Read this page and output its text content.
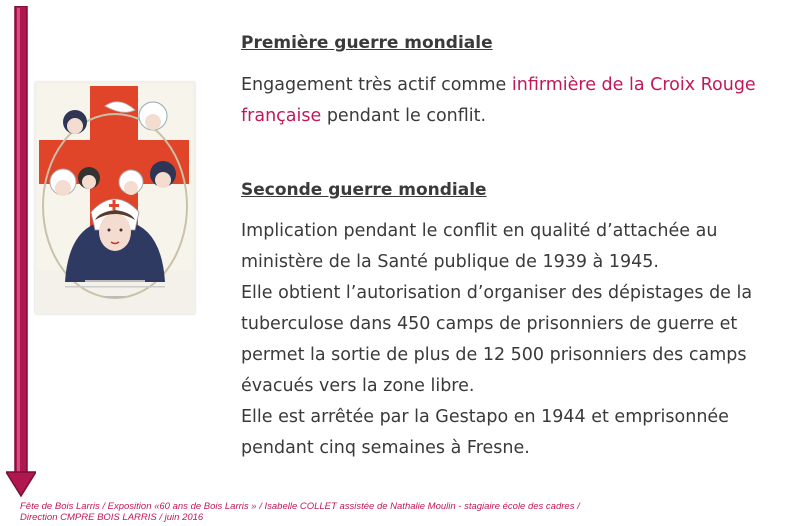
Première guerre mondiale

Engagement très actif comme infirmière de la Croix Rouge française pendant le conflit.

Seconde guerre mondiale

Implication pendant le conflit en qualité d’attachée au ministère de la Santé publique de 1939 à 1945.

Elle obtient l’autorisation d’organiser des dépistages de la tuberculose dans 450 camps de prisonniers de guerre et permet la sortie de plus de 12 500 prisonniers des camps évacués vers la zone libre.

Elle est arrêtée par la Gestapo en 1944 et emprisonnée pendant cinq semaines à Fresne.

Fête de Bois Larris / Exposition «60 ans de Bois Larris » / Isabelle COLLET assistée de Nathalie Moulin - stagiaire école des cadres /
Direction CMPRE BOIS LARRIS / juin 2016
